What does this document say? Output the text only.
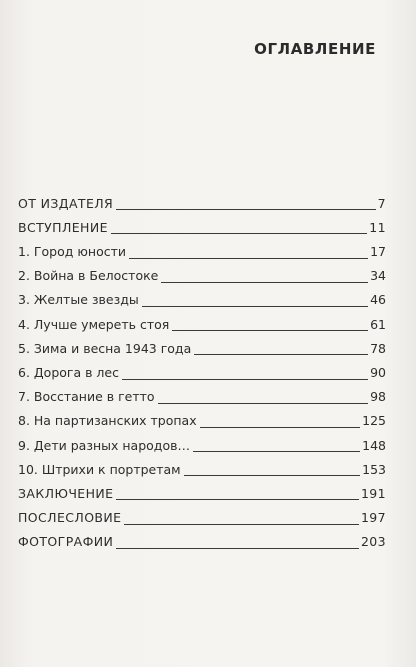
ОГЛАВЛЕНИЕ
ОТ ИЗДАТЕЛЯ	7
ВСТУПЛЕНИЕ	11
1. Город юности	17
2. Война в Белостоке	34
3. Желтые звезды	46
4. Лучше умереть стоя	61
5. Зима и весна 1943 года	78
6. Дорога в лес	90
7. Восстание в гетто	98
8. На партизанских тропах	125
9. Дети разных народов…	148
10. Штрихи к портретам	153
ЗАКЛЮЧЕНИЕ	191
ПОСЛЕСЛОВИЕ	197
ФОТОГРАФИИ	203
